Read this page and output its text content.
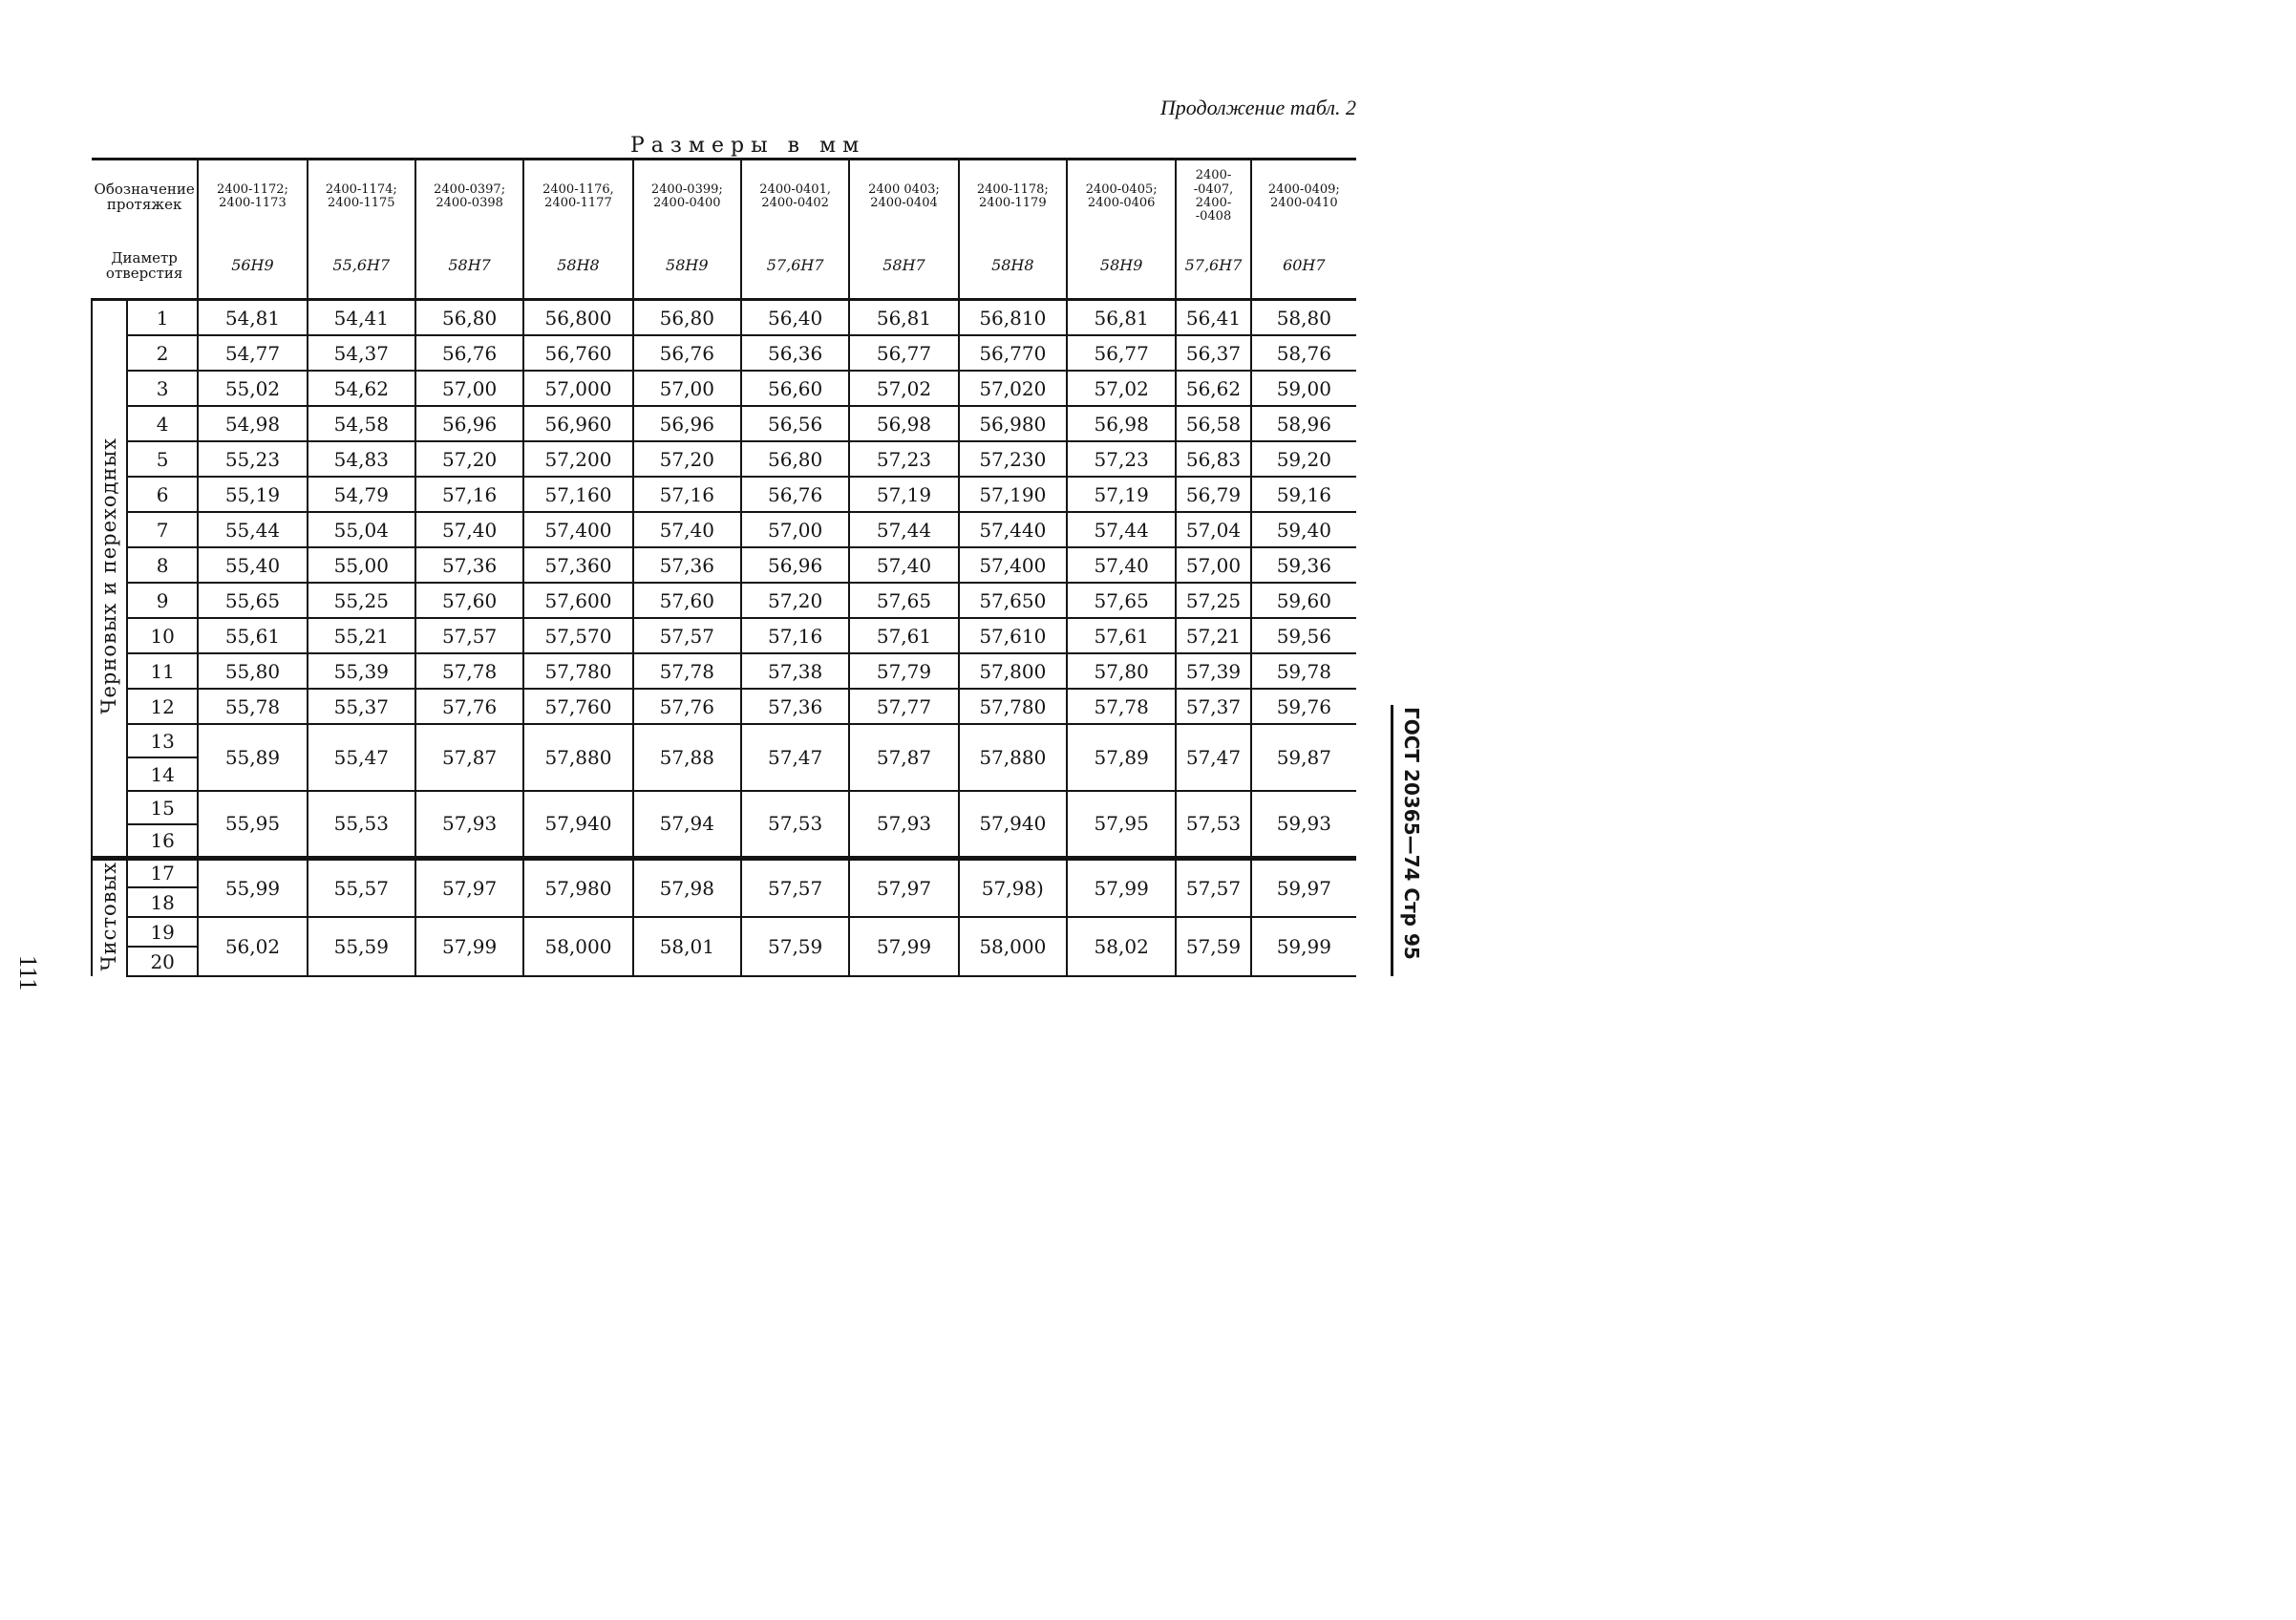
Продолжение табл. 2
Размеры в мм
Обозначение протяжек		2400-1172; 2400-1173	2400-1174; 2400-1175	2400-0397; 2400-0398	2400-1176, 2400-1177	2400-0399; 2400-0400	2400-0401, 2400-0402	2400 0403; 2400-0404	2400-1178; 2400-1179	2400-0405; 2400-0406	2400- -0407, 2400- -0408	2400-0409; 2400-0410
Диаметр отверстия		56H9	55,6H7	58H7	58H8	58H9	57,6H7	58H7	58H8	58H9	57,6H7	60H7
Черновых и переходных	1	54,81	54,41	56,80	56,800	56,80	56,40	56,81	56,810	56,81	56,41	58,80
	2	54,77	54,37	56,76	56,760	56,76	56,36	56,77	56,770	56,77	56,37	58,76
	3	55,02	54,62	57,00	57,000	57,00	56,60	57,02	57,020	57,02	56,62	59,00
	4	54,98	54,58	56,96	56,960	56,96	56,56	56,98	56,980	56,98	56,58	58,96
	5	55,23	54,83	57,20	57,200	57,20	56,80	57,23	57,230	57,23	56,83	59,20
	6	55,19	54,79	57,16	57,160	57,16	56,76	57,19	57,190	57,19	56,79	59,16
	7	55,44	55,04	57,40	57,400	57,40	57,00	57,44	57,440	57,44	57,04	59,40
	8	55,40	55,00	57,36	57,360	57,36	56,96	57,40	57,400	57,40	57,00	59,36
	9	55,65	55,25	57,60	57,600	57,60	57,20	57,65	57,650	57,65	57,25	59,60
	10	55,61	55,21	57,57	57,570	57,57	57,16	57,61	57,610	57,61	57,21	59,56
	11	55,80	55,39	57,78	57,780	57,78	57,38	57,79	57,800	57,80	57,39	59,78
	12	55,78	55,37	57,76	57,760	57,76	57,36	57,77	57,780	57,78	57,37	59,76
	13	55,89	55,47	57,87	57,880	57,88	57,47	57,87	57,880	57,89	57,47	59,87
	14											
	15	55,95	55,53	57,93	57,940	57,94	57,53	57,93	57,940	57,95	57,53	59,93
	16											
Чистовых	17	55,99	55,57	57,97	57,980	57,98	57,57	57,97	57,98)	57,99	57,57	59,97
	18											
	19	56,02	55,59	57,99	58,000	58,01	57,59	57,99	58,000	58,02	57,59	59,99
	20											
111
ГОСТ 20365—74 Стр 95
